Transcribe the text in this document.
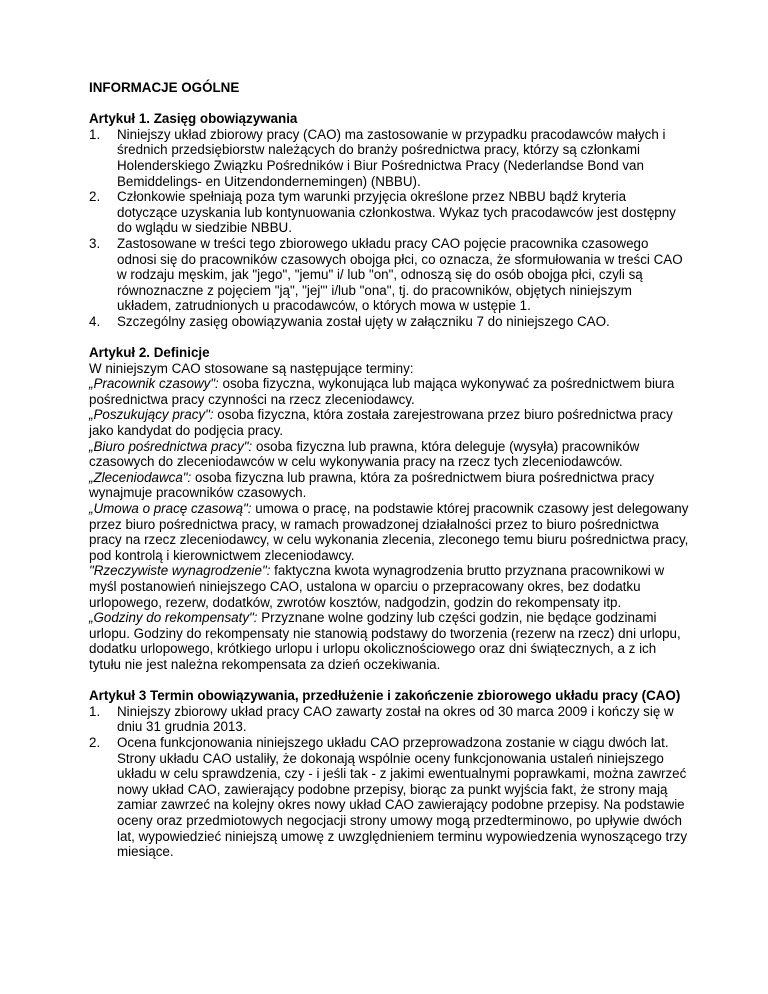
INFORMACJE OGÓLNE

Artykuł 1. Zasięg obowiązywania

1. Niniejszy układ zbiorowy pracy (CAO) ma zastosowanie w przypadku pracodawców małych i średnich przedsiębiorstw należących do branży pośrednictwa pracy, którzy są członkami Holenderskiego Związku Pośredników i Biur Pośrednictwa Pracy (Nederlandse Bond van Bemiddelings- en Uitzendondernemingen) (NBBU).
2. Członkowie spełniają poza tym warunki przyjęcia określone przez NBBU bądź kryteria dotyczące uzyskania lub kontynuowania członkostwa. Wykaz tych pracodawców jest dostępny do wglądu w siedzibie NBBU.
3. Zastosowane w treści tego zbiorowego układu pracy CAO pojęcie pracownika czasowego odnosi się do pracowników czasowych obojga płci, co oznacza, że sformułowania w treści CAO w rodzaju męskim, jak "jego", "jemu" i/ lub "on", odnoszą się do osób obojga płci, czyli są równoznaczne z pojęciem "ją", "jej"' i/lub "ona", tj. do pracowników, objętych niniejszym układem, zatrudnionych u pracodawców, o których mowa w ustępie 1.
4. Szczególny zasięg obowiązywania został ujęty w załączniku 7 do niniejszego CAO.

Artykuł 2. Definicje

W niniejszym CAO stosowane są następujące terminy:

„Pracownik czasowy": osoba fizyczna, wykonująca lub mająca wykonywać za pośrednictwem biura pośrednictwa pracy czynności na rzecz zleceniodawcy.

„Poszukujący pracy": osoba fizyczna, która została zarejestrowana przez biuro pośrednictwa pracy jako kandydat do podjęcia pracy.

„Biuro pośrednictwa pracy": osoba fizyczna lub prawna, która deleguje (wysyła) pracowników czasowych do zleceniodawców w celu wykonywania pracy na rzecz tych zleceniodawców.

„Zleceniodawca": osoba fizyczna lub prawna, która za pośrednictwem biura pośrednictwa pracy wynajmuje pracowników czasowych.

„Umowa o pracę czasową": umowa o pracę, na podstawie której pracownik czasowy jest delegowany przez biuro pośrednictwa pracy, w ramach prowadzonej działalności przez to biuro pośrednictwa pracy na rzecz zleceniodawcy, w celu wykonania zlecenia, zleconego temu biuru pośrednictwa pracy, pod kontrolą i kierownictwem zleceniodawcy.

"Rzeczywiste wynagrodzenie": faktyczna kwota wynagrodzenia brutto przyznana pracownikowi w myśl postanowień niniejszego CAO, ustalona w oparciu o przepracowany okres, bez dodatku urlopowego, rezerw, dodatków, zwrotów kosztów, nadgodzin, godzin do rekompensaty itp.

„Godziny do rekompensaty": Przyznane wolne godziny lub części godzin, nie będące godzinami urlopu. Godziny do rekompensaty nie stanowią podstawy do tworzenia (rezerw na rzecz) dni urlopu, dodatku urlopowego, krótkiego urlopu i urlopu okolicznościowego oraz dni świątecznych, a z ich tytułu nie jest należna rekompensata za dzień oczekiwania.

Artykuł 3 Termin obowiązywania, przedłużenie i zakończenie zbiorowego układu pracy (CAO)

1. Niniejszy zbiorowy układ pracy CAO zawarty został na okres od 30 marca 2009 i kończy się w dniu 31 grudnia 2013.
2. Ocena funkcjonowania niniejszego układu CAO przeprowadzona zostanie w ciągu dwóch lat. Strony układu CAO ustaliły, że dokonają wspólnie oceny funkcjonowania ustaleń niniejszego układu w celu sprawdzenia, czy - i jeśli tak - z jakimi ewentualnymi poprawkami, można zawrzeć nowy układ CAO, zawierający podobne przepisy, biorąc za punkt wyjścia fakt, że strony mają zamiar zawrzeć na kolejny okres nowy układ CAO zawierający podobne przepisy. Na podstawie oceny oraz przedmiotowych negocjacji strony umowy mogą przedterminowo, po upływie dwóch lat, wypowiedzieć niniejszą umowę z uwzględnieniem terminu wypowiedzenia wynoszącego trzy miesiące.
